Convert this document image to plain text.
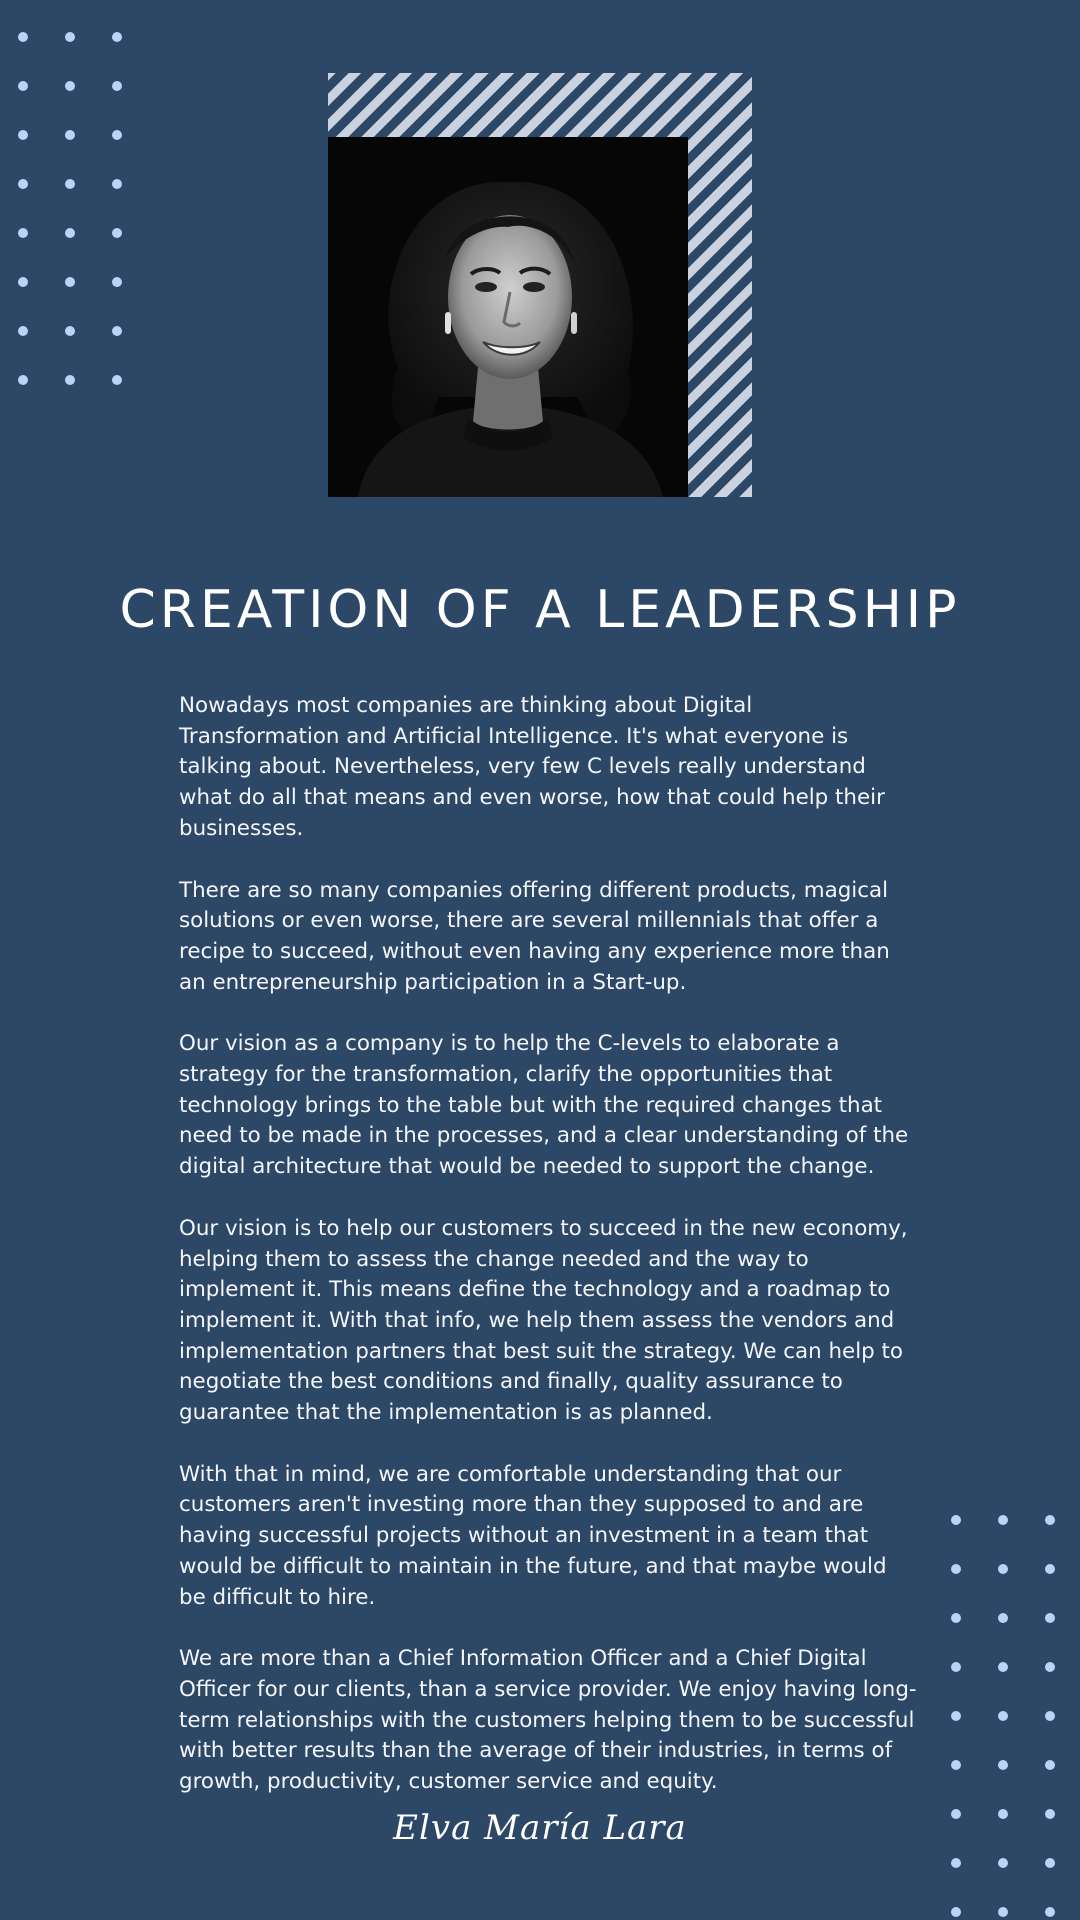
CREATION OF A LEADERSHIP

Nowadays most companies are thinking about Digital Transformation and Artificial Intelligence. It's what everyone is talking about. Nevertheless, very few C levels really understand what do all that means and even worse, how that could help their businesses.

There are so many companies offering different products, magical solutions or even worse, there are several millennials that offer a recipe to succeed, without even having any experience more than an entrepreneurship participation in a Start-up.

Our vision as a company is to help the C-levels to elaborate a strategy for the transformation, clarify the opportunities that technology brings to the table but with the required changes that need to be made in the processes, and a clear understanding of the digital architecture that would be needed to support the change.

Our vision is to help our customers to succeed in the new economy, helping them to assess the change needed and the way to implement it. This means define the technology and a roadmap to implement it. With that info, we help them assess the vendors and implementation partners that best suit the strategy. We can help to negotiate the best conditions and finally, quality assurance to guarantee that the implementation is as planned.

With that in mind, we are comfortable understanding that our customers aren't investing more than they supposed to and are having successful projects without an investment in a team that would be difficult to maintain in the future, and that maybe would be difficult to hire.

We are more than a Chief Information Officer and a Chief Digital Officer for our clients, than a service provider. We enjoy having long-term relationships with the customers helping them to be successful with better results than the average of their industries, in terms of growth, productivity, customer service and equity.

Elva María Lara
